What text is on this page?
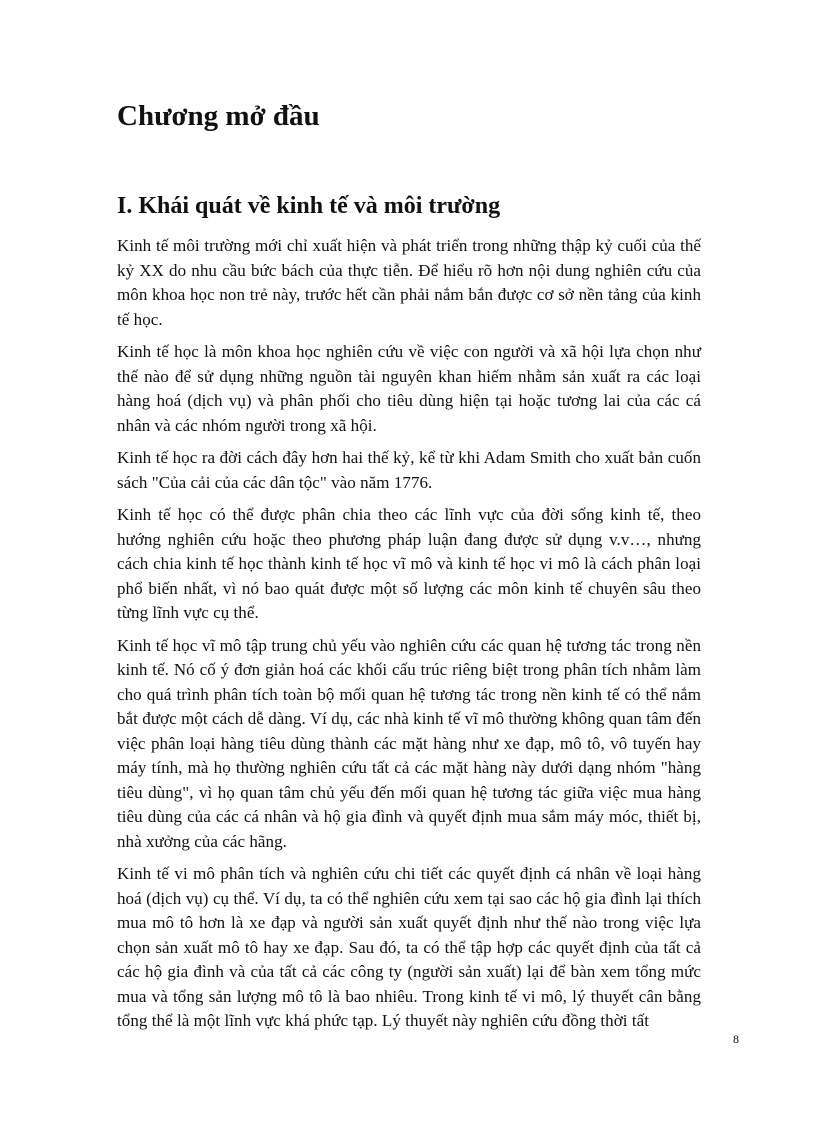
Chương mở đầu
I. Khái quát về kinh tế và môi trường

Kinh tế môi trường mới chỉ xuất hiện và phát triển trong những thập kỷ cuối của thế kỷ XX do nhu cầu bức bách của thực tiễn. Để hiểu rõ hơn nội dung nghiên cứu của môn khoa học non trẻ này, trước hết cần phải nắm bắn được cơ sở nền tảng của kinh tế học.

Kinh tế học là môn khoa học nghiên cứu về việc con người và xã hội lựa chọn như thế nào để sử dụng những nguồn tài nguyên khan hiếm nhằm sản xuất ra các loại hàng hoá (dịch vụ) và phân phối cho tiêu dùng hiện tại hoặc tương lai của các cá nhân và các nhóm người trong xã hội.

Kinh tế học ra đời cách đây hơn hai thế kỷ, kể từ khi Adam Smith cho xuất bản cuốn sách "Của cải của các dân tộc" vào năm 1776.

Kinh tế học có thể được phân chia theo các lĩnh vực của đời sống kinh tế, theo hướng nghiên cứu hoặc theo phương pháp luận đang được sử dụng v.v…, nhưng cách chia kinh tế học thành kinh tế học vĩ mô và kinh tế học vi mô là cách phân loại phổ biến nhất, vì nó bao quát được một số lượng các môn kinh tế chuyên sâu theo từng lĩnh vực cụ thể.

Kinh tế học vĩ mô tập trung chủ yếu vào nghiên cứu các quan hệ tương tác trong nền kinh tế. Nó cố ý đơn giản hoá các khối cấu trúc riêng biệt trong phân tích nhằm làm cho quá trình phân tích toàn bộ mối quan hệ tương tác trong nền kinh tế có thể nắm bắt được một cách dễ dàng. Ví dụ, các nhà kinh tế vĩ mô thường không quan tâm đến việc phân loại hàng tiêu dùng thành các mặt hàng như xe đạp, mô tô, vô tuyến hay máy tính, mà họ thường nghiên cứu tất cả các mặt hàng này dưới dạng nhóm "hàng tiêu dùng", vì họ quan tâm chủ yếu đến mối quan hệ tương tác giữa việc mua hàng tiêu dùng của các cá nhân và hộ gia đình và quyết định mua sắm máy móc, thiết bị, nhà xưởng của các hãng.

Kinh tế vi mô phân tích và nghiên cứu chi tiết các quyết định cá nhân về loại hàng hoá (dịch vụ) cụ thể. Ví dụ, ta có thể nghiên cứu xem tại sao các hộ gia đình lại thích mua mô tô hơn là xe đạp và người sản xuất quyết định như thế nào trong việc lựa chọn sản xuất mô tô hay xe đạp. Sau đó, ta có thể tập hợp các quyết định của tất cả các hộ gia đình và của tất cả các công ty (người sản xuất) lại để bàn xem tổng mức mua và tổng sản lượng mô tô là bao nhiêu. Trong kinh tế vi mô, lý thuyết cân bằng tổng thể là một lĩnh vực khá phức tạp. Lý thuyết này nghiên cứu đồng thời tất

8
